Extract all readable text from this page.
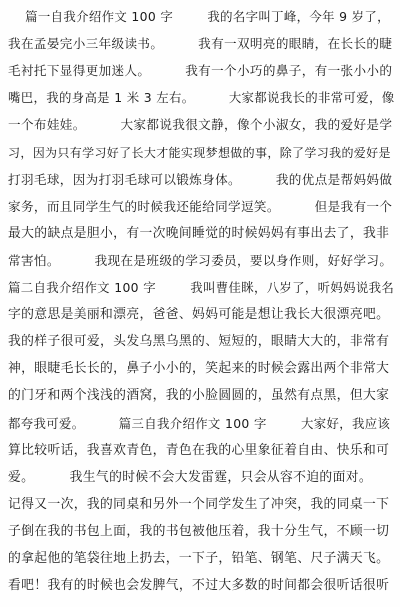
篇一自我介绍作文 100 字        我的名字叫丁峰，今年 9 岁了，
我在孟晏完小三年级读书。        我有一双明亮的眼睛，在长长的睫
毛衬托下显得更加迷人。        我有一个小巧的鼻子，有一张小小的
嘴巴，我的身高是 1 米 3 左右。        大家都说我长的非常可爱，像
一个布娃娃。        大家都说我很文静，像个小淑女，我的爱好是学
习，因为只有学习好了长大才能实现梦想做的事，除了学习我的爱好是
打羽毛球，因为打羽毛球可以锻炼身体。        我的优点是帮妈妈做
家务，而且同学生气的时候我还能给同学逗笑。        但是我有一个
最大的缺点是胆小，有一次晚间睡觉的时候妈妈有事出去了，我非
常害怕。        我现在是班级的学习委员，要以身作则，好好学习。
篇二自我介绍作文 100 字        我叫曹佳眯，八岁了，听妈妈说我名
字的意思是美丽和漂亮，爸爸、妈妈可能是想让我长大很漂亮吧。
我的样子很可爱，头发乌黑乌黑的、短短的，眼睛大大的，非常有
神，眼睫毛长长的，鼻子小小的，笑起来的时候会露出两个非常大
的门牙和两个浅浅的酒窝，我的小脸圆圆的，虽然有点黑，但大家
都夸我可爱。        篇三自我介绍作文 100 字        大家好，我应该
算比较听话，我喜欢青色，青色在我的心里象征着自由、快乐和可
爱。        我生气的时候不会大发雷霆，只会从容不迫的面对。
记得又一次，我的同桌和另外一个同学发生了冲突，我的同桌一下
子倒在我的书包上面，我的书包被他压着，我十分生气，不顾一切
的拿起他的笔袋往地上扔去，一下子，铅笔、钢笔、尺子满天飞。
看吧！我有的时候也会发脾气，不过大多数的时间都会很听话很听
